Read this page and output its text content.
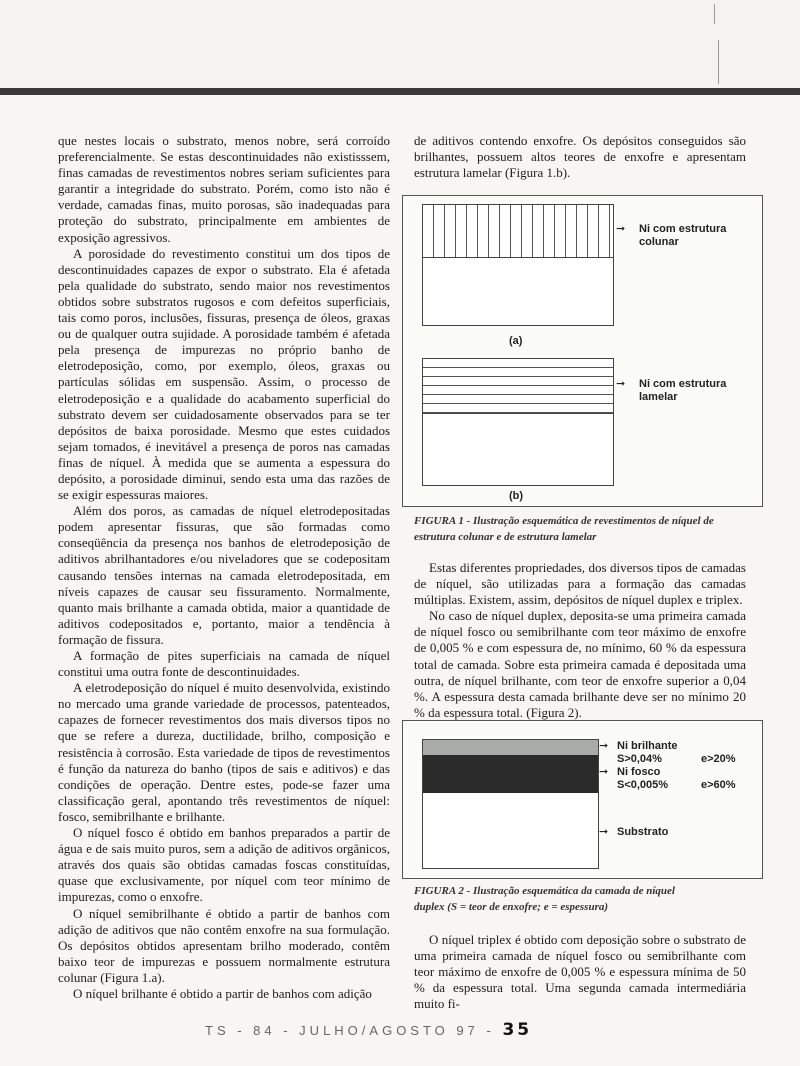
que nestes locais o substrato, menos nobre, será corroído preferencialmente. Se estas descontinuidades não existisssem, finas camadas de revestimentos nobres seriam suficientes para garantir a integridade do substrato. Porém, como isto não é verdade, camadas finas, muito porosas, são inadequadas para proteção do substrato, principalmente em ambientes de exposição agressivos.

A porosidade do revestimento constitui um dos tipos de descontinuidades capazes de expor o substrato. Ela é afetada pela qualidade do substrato, sendo maior nos revestimentos obtidos sobre substratos rugosos e com defeitos superficiais, tais como poros, inclusões, fissuras, presença de óleos, graxas ou de qualquer outra sujidade. A porosidade também é afetada pela presença de impurezas no próprio banho de eletrodeposição, como, por exemplo, óleos, graxas ou partículas sólidas em suspensão. Assim, o processo de eletrodeposição e a qualidade do acabamento superficial do substrato devem ser cuidadosamente observados para se ter depósitos de baixa porosidade. Mesmo que estes cuidados sejam tomados, é inevitável a presença de poros nas camadas finas de níquel. À medida que se aumenta a espessura do depósito, a porosidade diminui, sendo esta uma das razões de se exigir espessuras maiores.

Além dos poros, as camadas de níquel eletrodepositadas podem apresentar fissuras, que são formadas como conseqüência da presença nos banhos de eletrodeposição de aditivos abrilhantadores e/ou niveladores que se codepositam causando tensões internas na camada eletrodepositada, em níveis capazes de causar seu fissuramento. Normalmente, quanto mais brilhante a camada obtida, maior a quantidade de aditivos codepositados e, portanto, maior a tendência à formação de fissura.

A formação de pites superficiais na camada de níquel constitui uma outra fonte de descontinuidades.

A eletrodeposição do níquel é muito desenvolvida, existindo no mercado uma grande variedade de processos, patenteados, capazes de fornecer revestimentos dos mais diversos tipos no que se refere a dureza, ductilidade, brilho, composição e resistência à corrosão. Esta variedade de tipos de revestimentos é função da natureza do banho (tipos de sais e aditivos) e das condições de operação. Dentre estes, pode-se fazer uma classificação geral, apontando três revestimentos de níquel: fosco, semibrilhante e brilhante.

O níquel fosco é obtido em banhos preparados a partir de água e de sais muito puros, sem a adição de aditivos orgânicos, através dos quais são obtidas camadas foscas constituídas, quase que exclusivamente, por níquel com teor mínimo de impurezas, como o enxofre.

O níquel semibrilhante é obtido a partir de banhos com adição de aditivos que não contêm enxofre na sua formulação. Os depósitos obtidos apresentam brilho moderado, contêm baixo teor de impurezas e possuem normalmente estrutura colunar (Figura 1.a).

O níquel brilhante é obtido a partir de banhos com adição

de aditivos contendo enxofre. Os depósitos conseguidos são brilhantes, possuem altos teores de enxofre e apresentam estrutura lamelar (Figura 1.b).

➞ Ni com estrutura
colunar
(a)
➞ Ni com estrutura
lamelar
(b)
FIGURA 1 - Ilustração esquemática de revestimentos de níquel de
estrutura colunar e de estrutura lamelar

Estas diferentes propriedades, dos diversos tipos de camadas de níquel, são utilizadas para a formação das camadas múltiplas. Existem, assim, depósitos de níquel duplex e triplex.

No caso de níquel duplex, deposita-se uma primeira camada de níquel fosco ou semibrilhante com teor máximo de enxofre de 0,005 % e com espessura de, no mínimo, 60 % da espessura total de camada. Sobre esta primeira camada é depositada uma outra, de níquel brilhante, com teor de enxofre superior a 0,04 %. A espessura desta camada brilhante deve ser no mínimo 20 % da espessura total. (Figura 2).

➞ Ni brilhante
S>0,04%	e>20%
➞ Ni fosco
S<0,005%	e>60%
➞ Substrato
FIGURA 2 - Ilustração esquemática da camada de níquel
duplex (S = teor de enxofre; e = espessura)

O níquel triplex é obtido com deposição sobre o substrato de uma primeira camada de níquel fosco ou semibrilhante com teor máximo de enxofre de 0,005 % e espessura mínima de 50 % da espessura total. Uma segunda camada intermediária muito fi-

TS - 84 - JULHO/AGOSTO 97 - 35
